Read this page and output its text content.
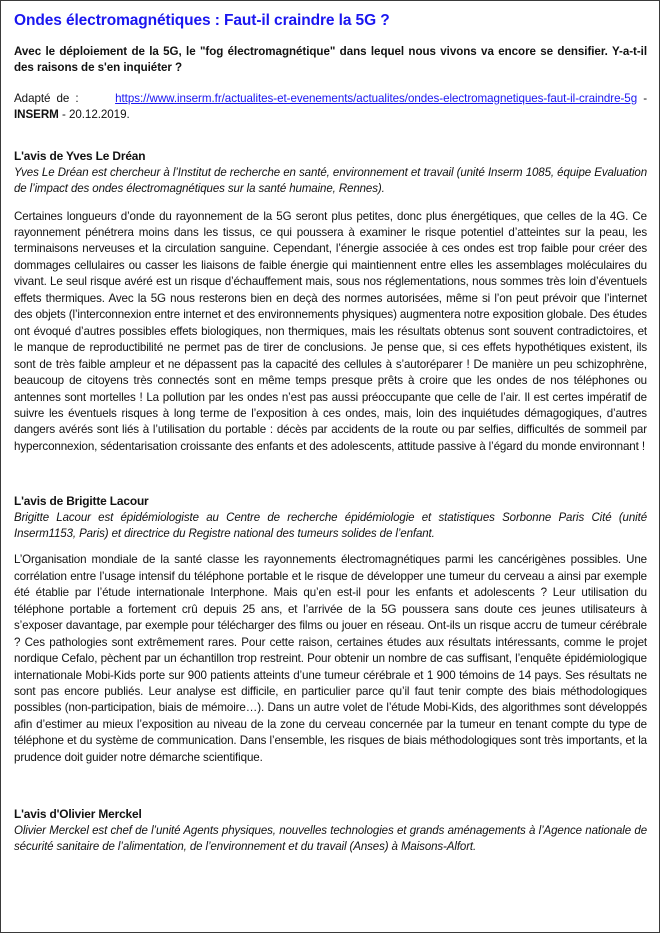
Ondes électromagnétiques : Faut-il craindre la 5G ?

Avec le déploiement de la 5G, le "fog électromagnétique" dans lequel nous vivons va encore se densifier. Y-a-t-il des raisons de s'en inquiéter ?

Adapté de :	https://www.inserm.fr/actualites-et-evenements/actualites/ondes-electromagnetiques-faut-il-craindre-5g - INSERM - 20.12.2019.

L'avis de Yves Le Dréan

Yves Le Dréan est chercheur à l’Institut de recherche en santé, environnement et travail (unité Inserm 1085, équipe Evaluation de l’impact des ondes électromagnétiques sur la santé humaine, Rennes).

Certaines longueurs d’onde du rayonnement de la 5G seront plus petites, donc plus énergétiques, que celles de la 4G. Ce rayonnement pénétrera moins dans les tissus, ce qui poussera à examiner le risque potentiel d’atteintes sur la peau, les terminaisons nerveuses et la circulation sanguine. Cependant, l’énergie associée à ces ondes est trop faible pour créer des dommages cellulaires ou casser les liaisons de faible énergie qui maintiennent entre elles les assemblages moléculaires du vivant. Le seul risque avéré est un risque d’échauffement mais, sous nos réglementations, nous sommes très loin d’éventuels effets thermiques. Avec la 5G nous resterons bien en deçà des normes autorisées, même si l’on peut prévoir que l’internet des objets (l’interconnexion entre internet et des environnements physiques) augmentera notre exposition globale. Des études ont évoqué d’autres possibles effets biologiques, non thermiques, mais les résultats obtenus sont souvent contradictoires, et le manque de reproductibilité ne permet pas de tirer de conclusions. Je pense que, si ces effets hypothétiques existent, ils sont de très faible ampleur et ne dépassent pas la capacité des cellules à s’autoréparer ! De manière un peu schizophrène, beaucoup de citoyens très connectés sont en même temps presque prêts à croire que les ondes de nos téléphones ou antennes sont mortelles ! La pollution par les ondes n’est pas aussi préoccupante que celle de l’air. Il est certes impératif de suivre les éventuels risques à long terme de l’exposition à ces ondes, mais, loin des inquiétudes démagogiques, d’autres dangers avérés sont liés à l’utilisation du portable : décès par accidents de la route ou par selfies, difficultés de sommeil par hyperconnexion, sédentarisation croissante des enfants et des adolescents, attitude passive à l’égard du monde environnant !

L'avis de Brigitte Lacour

Brigitte Lacour est épidémiologiste au Centre de recherche épidémiologie et statistiques Sorbonne Paris Cité (unité Inserm1153, Paris) et directrice du Registre national des tumeurs solides de l’enfant.

L’Organisation mondiale de la santé classe les rayonnements électromagnétiques parmi les cancérigènes possibles. Une corrélation entre l’usage intensif du téléphone portable et le risque de développer une tumeur du cerveau a ainsi par exemple été établie par l’étude internationale Interphone. Mais qu’en est-il pour les enfants et adolescents ? Leur utilisation du téléphone portable a fortement crû depuis 25 ans, et l’arrivée de la 5G poussera sans doute ces jeunes utilisateurs à s’exposer davantage, par exemple pour télécharger des films ou jouer en réseau. Ont-ils un risque accru de tumeur cérébrale ? Ces pathologies sont extrêmement rares. Pour cette raison, certaines études aux résultats intéressants, comme le projet nordique Cefalo, pèchent par un échantillon trop restreint. Pour obtenir un nombre de cas suffisant, l’enquête épidémiologique internationale Mobi-Kids porte sur 900 patients atteints d’une tumeur cérébrale et 1 900 témoins de 14 pays. Ses résultats ne sont pas encore publiés. Leur analyse est difficile, en particulier parce qu’il faut tenir compte des biais méthodologiques possibles (non-participation, biais de mémoire…). Dans un autre volet de l’étude Mobi-Kids, des algorithmes sont développés afin d’estimer au mieux l’exposition au niveau de la zone du cerveau concernée par la tumeur en tenant compte du type de téléphone et du système de communication. Dans l’ensemble, les risques de biais méthodologiques sont très importants, et la prudence doit guider notre démarche scientifique.

L'avis d'Olivier Merckel

Olivier Merckel est chef de l’unité Agents physiques, nouvelles technologies et grands aménagements à l’Agence nationale de sécurité sanitaire de l’alimentation, de l’environnement et du travail (Anses) à Maisons-Alfort.
